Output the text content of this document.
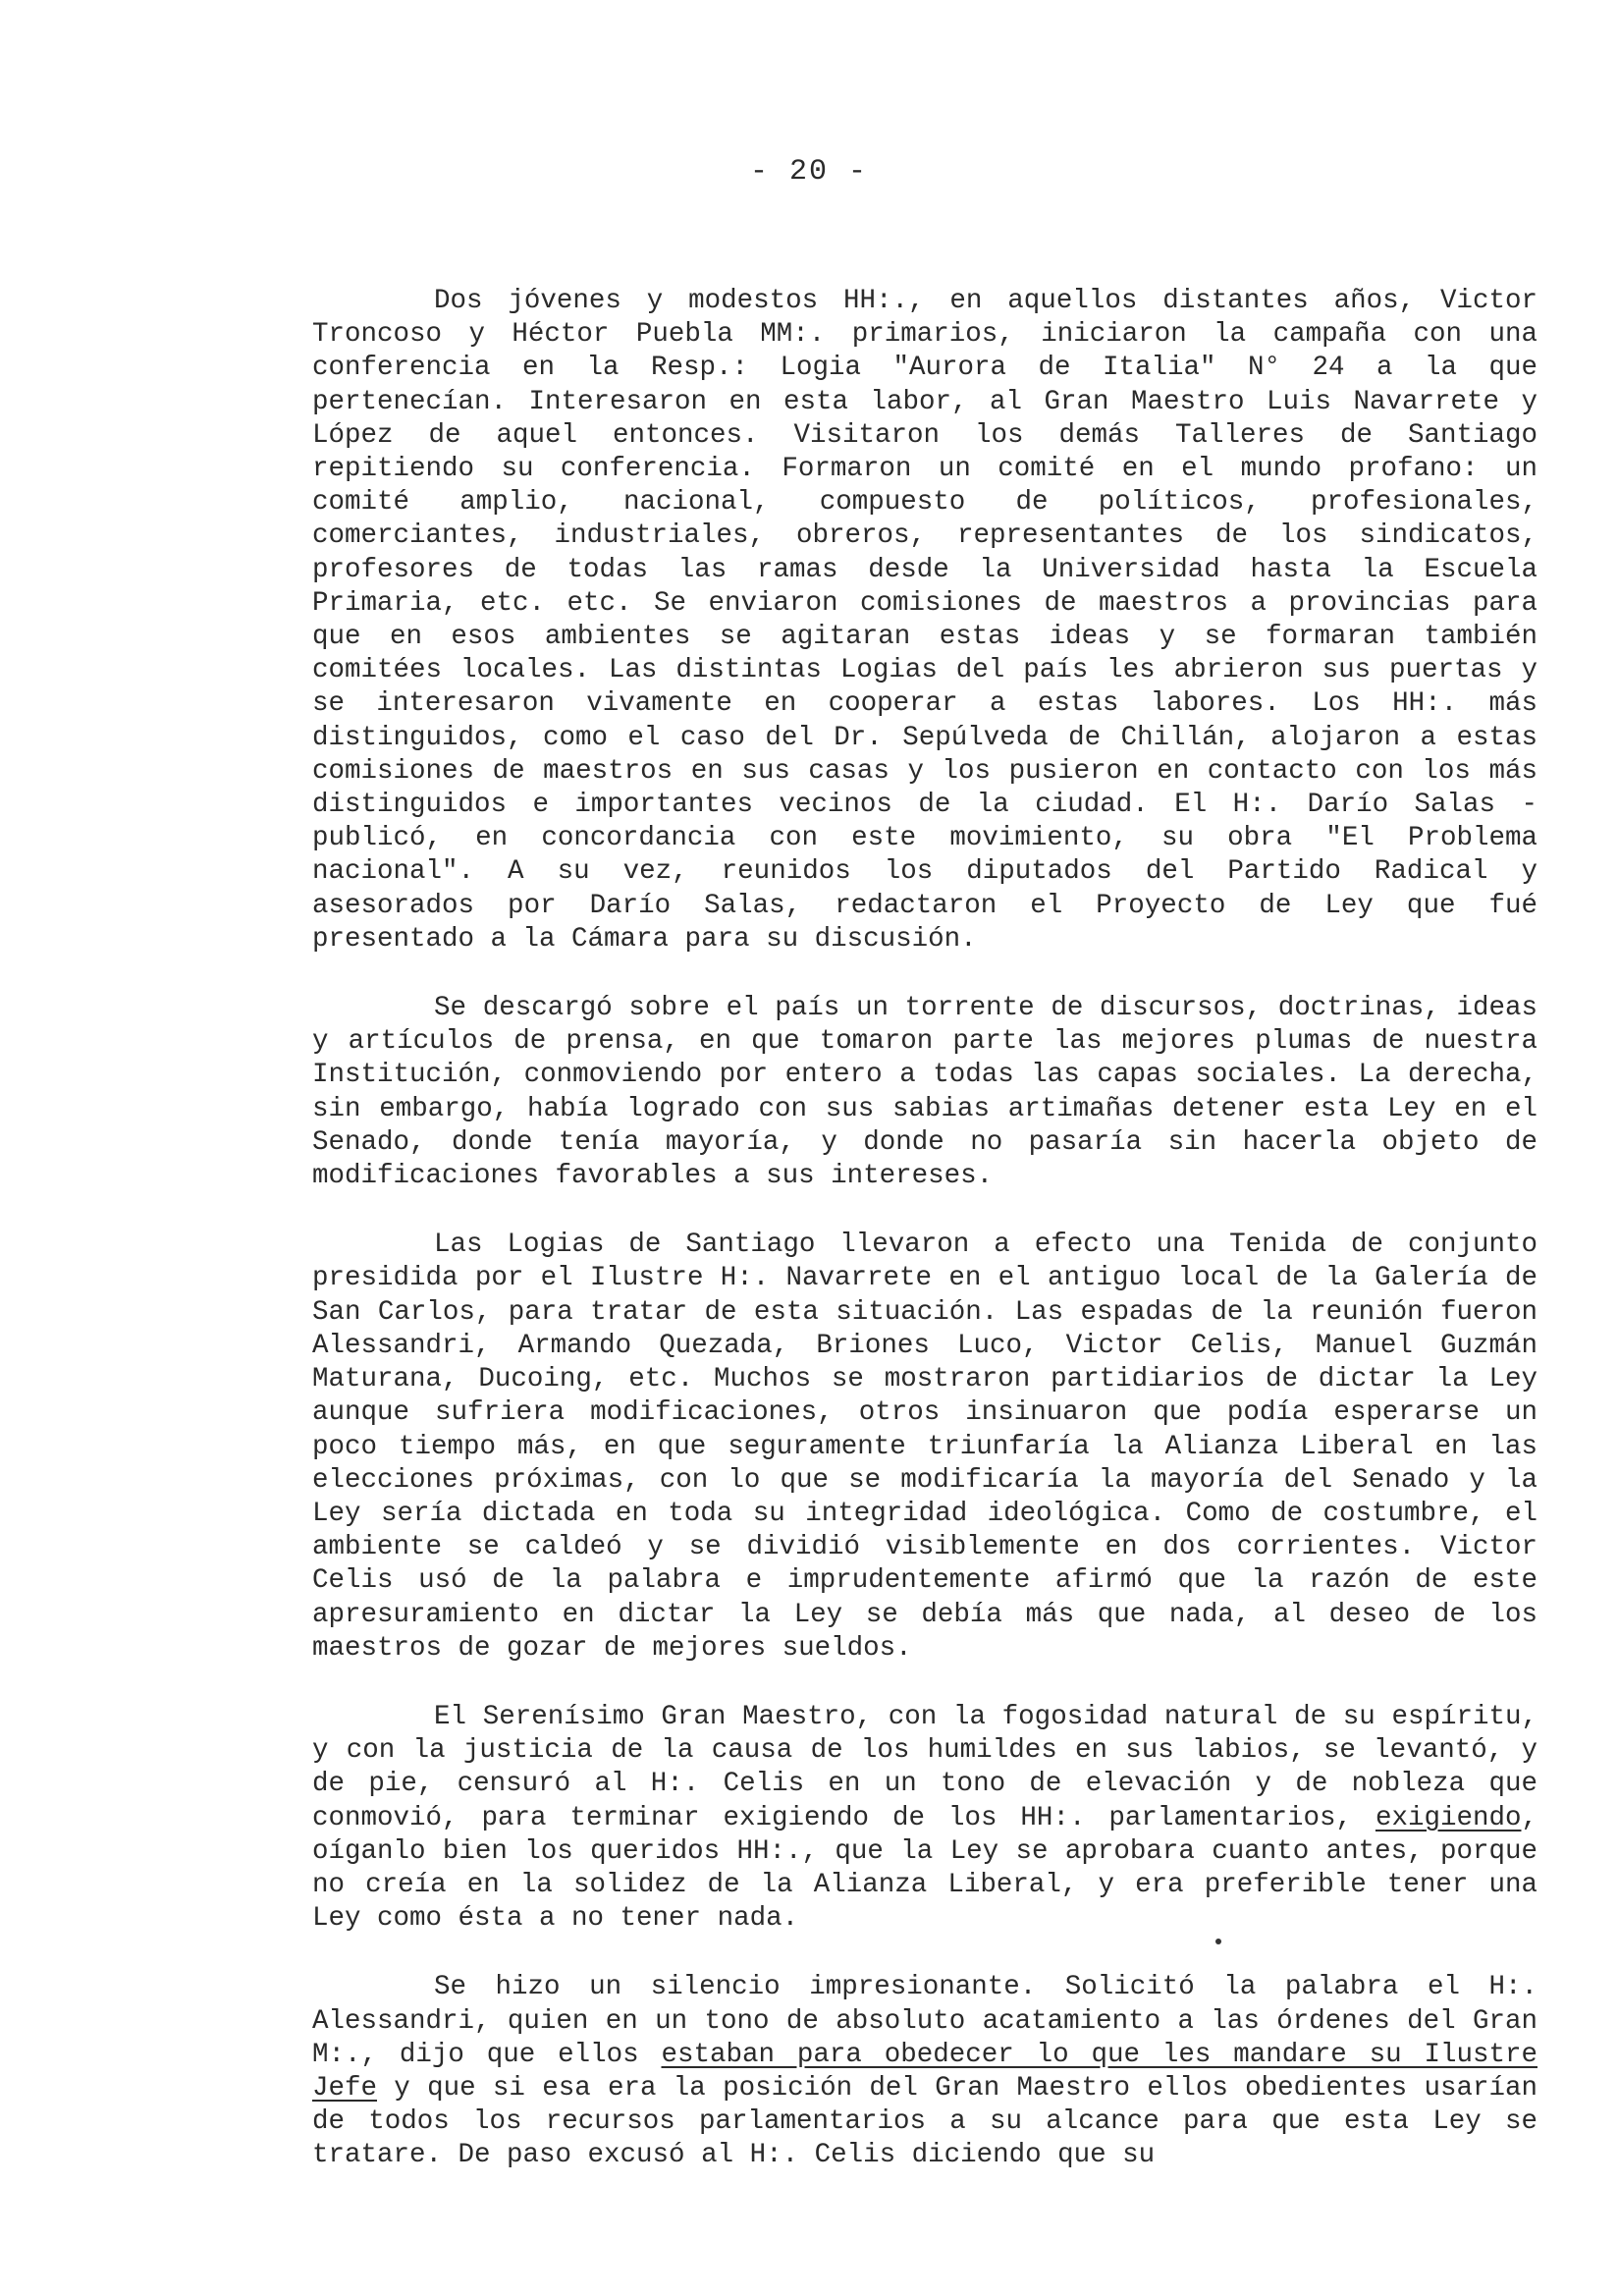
- 20 -

Dos jóvenes y modestos HH:., en aquellos distantes años, Victor Troncoso y Héctor Puebla MM:. primarios, iniciaron la campaña con una conferencia en la Resp.: Logia "Aurora de Italia" N° 24 a la que pertenecían. Interesaron en esta labor, al Gran Maestro Luis Navarrete y López de aquel entonces. Visitaron los demás Talleres de Santiago repitiendo su conferencia. Formaron un comité en el mundo profano: un comité amplio, nacional, compuesto de políticos, profesionales, comerciantes, industriales, obreros, representantes de los sindicatos, profesores de todas las ramas desde la Universidad hasta la Escuela Primaria, etc. etc. Se enviaron comisiones de maestros a provincias para que en esos ambientes se agitaran estas ideas y se formaran también comitées locales. Las distintas Logias del país les abrieron sus puertas y se interesaron vivamente en cooperar a estas labores. Los HH:. más distinguidos, como el caso del Dr. Sepúlveda de Chillán, alojaron a estas comisiones de maestros en sus casas y los pusieron en contacto con los más distinguidos e importantes vecinos de la ciudad. El H:. Darío Salas - publicó, en concordancia con este movimiento, su obra "El Problema nacional". A su vez, reunidos los diputados del Partido Radical y asesorados por Darío Salas, redactaron el Proyecto de Ley que fué presentado a la Cámara para su discusión.

Se descargó sobre el país un torrente de discursos, doctrinas, ideas y artículos de prensa, en que tomaron parte las mejores plumas de nuestra Institución, conmoviendo por entero a todas las capas sociales. La derecha, sin embargo, había logrado con sus sabias artimañas detener esta Ley en el Senado, donde tenía mayoría, y donde no pasaría sin hacerla objeto de modificaciones favorables a sus intereses.

Las Logias de Santiago llevaron a efecto una Tenida de conjunto presidida por el Ilustre H:. Navarrete en el antiguo local de la Galería de San Carlos, para tratar de esta situación. Las espadas de la reunión fueron Alessandri, Armando Quezada, Briones Luco, Victor Celis, Manuel Guzmán Maturana, Ducoing, etc. Muchos se mostraron partidiarios de dictar la Ley aunque sufriera modificaciones, otros insinuaron que podía esperarse un poco tiempo más, en que seguramente triunfaría la Alianza Liberal en las elecciones próximas, con lo que se modificaría la mayoría del Senado y la Ley sería dictada en toda su integridad ideológica. Como de costumbre, el ambiente se caldeó y se dividió visiblemente en dos corrientes. Victor Celis usó de la palabra e imprudentemente afirmó que la razón de este apresuramiento en dictar la Ley se debía más que nada, al deseo de los maestros de gozar de mejores sueldos.

El Serenísimo Gran Maestro, con la fogosidad natural de su espíritu, y con la justicia de la causa de los humildes en sus labios, se levantó, y de pie, censuró al H:. Celis en un tono de elevación y de nobleza que conmovió, para terminar exigiendo de los HH:. parlamentarios, exigiendo, oíganlo bien los queridos HH:., que la Ley se aprobara cuanto antes, porque no creía en la solidez de la Alianza Liberal, y era preferible tener una Ley como ésta a no tener nada.

Se hizo un silencio impresionante. Solicitó la palabra el H:. Alessandri, quien en un tono de absoluto acatamiento a las órdenes del Gran M:., dijo que ellos estaban para obedecer lo que les mandare su Ilustre Jefe y que si esa era la posición del Gran Maestro ellos obedientes usarían de todos los recursos parlamentarios a su alcance para que esta Ley se tratare. De paso excusó al H:. Celis diciendo que su
